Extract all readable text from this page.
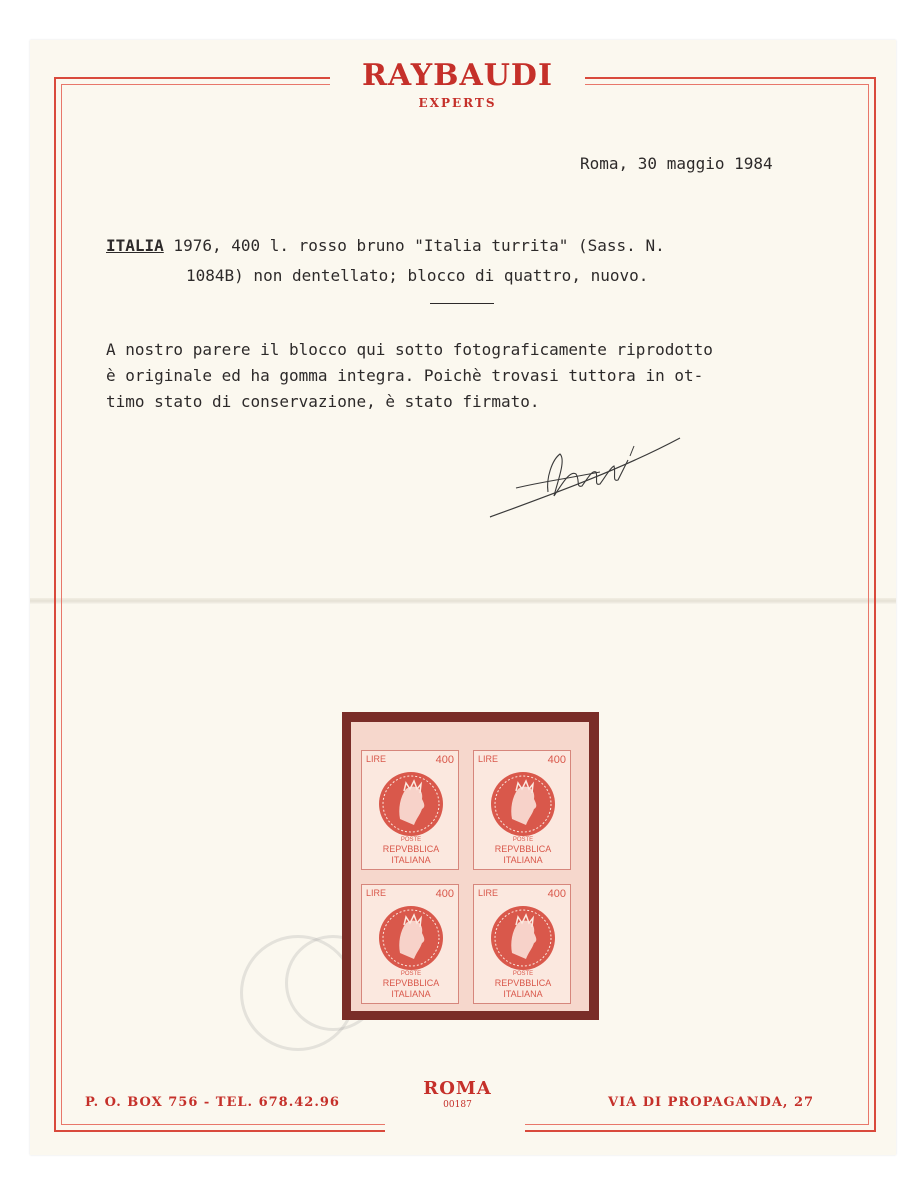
RAYBAUDI
EXPERTS
Roma, 30 maggio 1984
ITALIA 1976, 400 l. rosso bruno "Italia turrita" (Sass. N.
1084B) non dentellato; blocco di quattro, nuovo.
A nostro parere il blocco qui sotto fotograficamente riprodotto
è originale ed ha gomma integra. Poichè trovasi tuttora in ot-
timo stato di conservazione, è stato firmato.
LIRE	400
POSTE
REPVBBLICA
ITALIANA
LIRE	400
POSTE
REPVBBLICA
ITALIANA
LIRE	400
POSTE
REPVBBLICA
ITALIANA
LIRE	400
POSTE
REPVBBLICA
ITALIANA
P. O. BOX 756 - TEL. 678.42.96
ROMA
00187	VIA DI PROPAGANDA, 27
